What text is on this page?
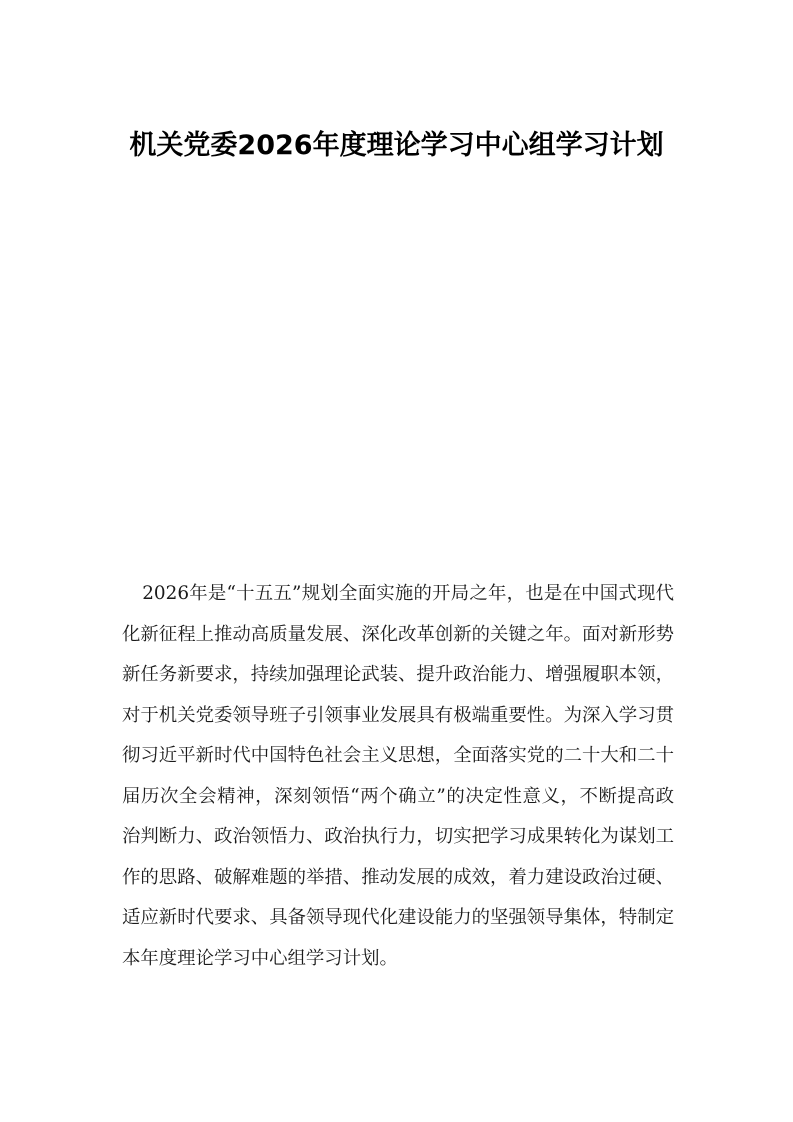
机关党委2026年度理论学习中心组学习计划

2026年是“十五五”规划全面实施的开局之年，也是在中国式现代化新征程上推动高质量发展、深化改革创新的关键之年。面对新形势新任务新要求，持续加强理论武装、提升政治能力、增强履职本领，对于机关党委领导班子引领事业发展具有极端重要性。为深入学习贯彻习近平新时代中国特色社会主义思想，全面落实党的二十大和二十届历次全会精神，深刻领悟“两个确立”的决定性意义，不断提高政治判断力、政治领悟力、政治执行力，切实把学习成果转化为谋划工作的思路、破解难题的举措、推动发展的成效，着力建设政治过硬、适应新时代要求、具备领导现代化建设能力的坚强领导集体，特制定本年度理论学习中心组学习计划。
